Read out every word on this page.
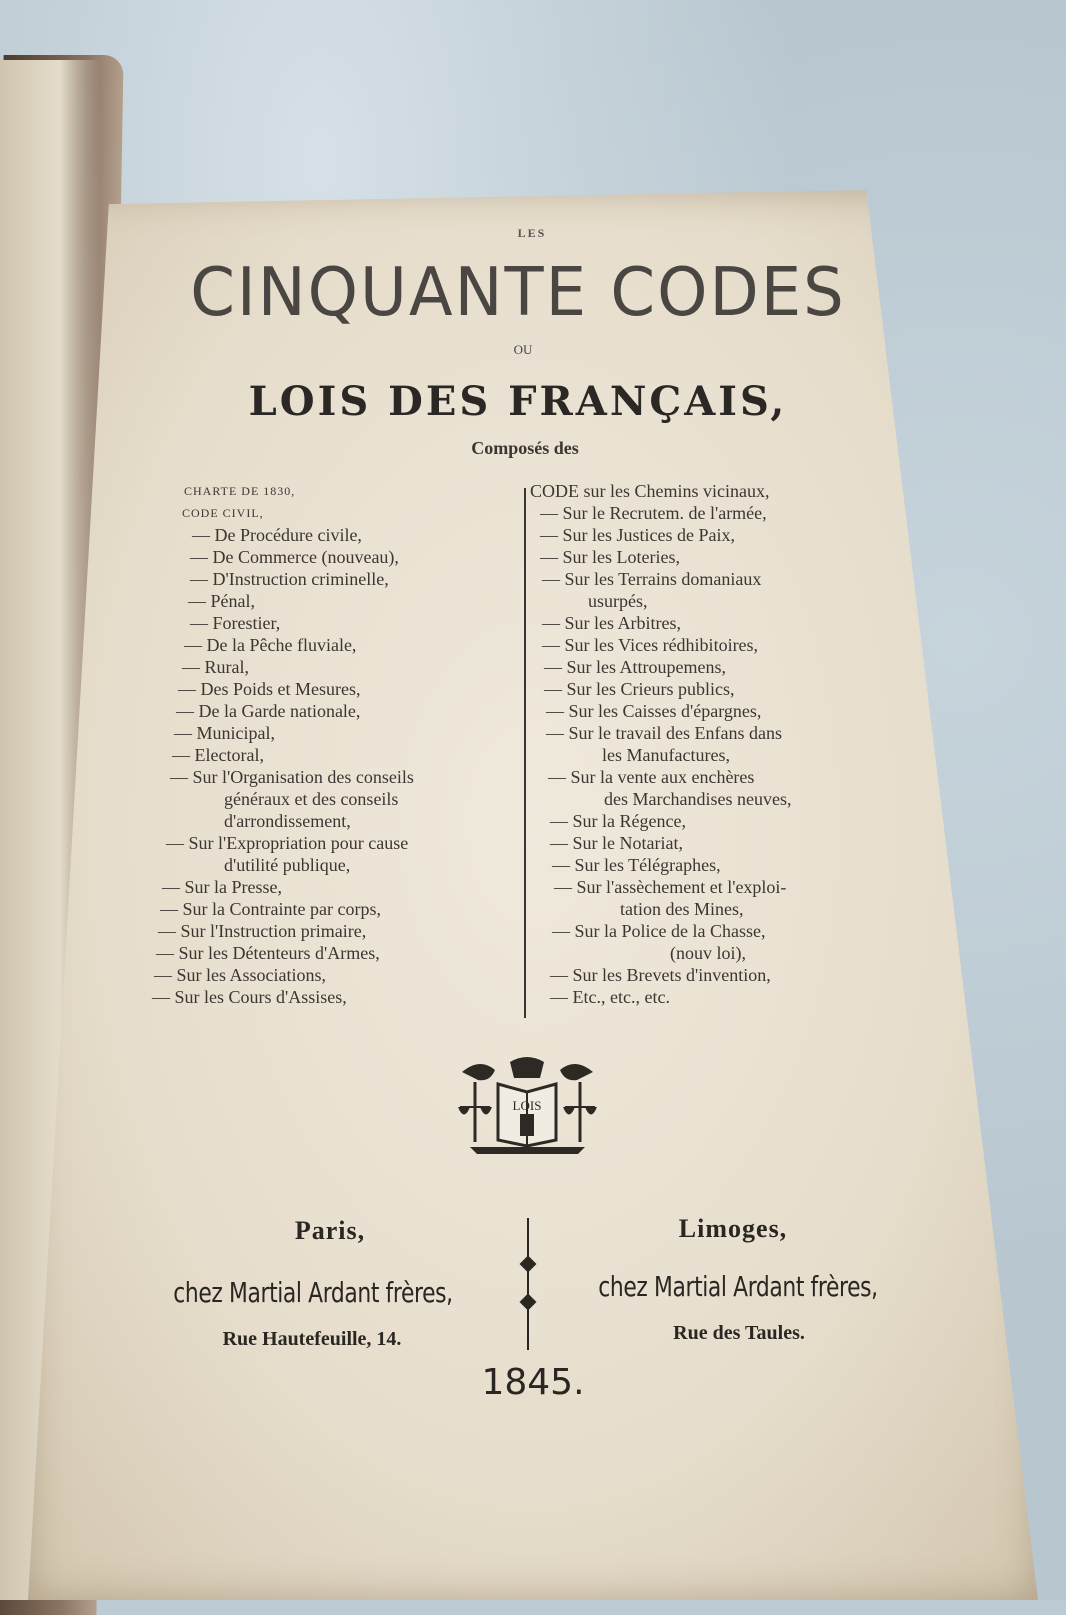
LES
CINQUANTE CODES
OU
LOIS DES FRANÇAIS,
Composés des
CHARTE DE 1830,
CODE CIVIL,
— De Procédure civile,
— De Commerce (nouveau),
— D'Instruction criminelle,
— Pénal,
— Forestier,
— De la Pêche fluviale,
— Rural,
— Des Poids et Mesures,
— De la Garde nationale,
— Municipal,
— Electoral,
— Sur l'Organisation des conseils
généraux et des conseils
d'arrondissement,
— Sur l'Expropriation pour cause
d'utilité publique,
— Sur la Presse,
— Sur la Contrainte par corps,
— Sur l'Instruction primaire,
— Sur les Détenteurs d'Armes,
— Sur les Associations,
— Sur les Cours d'Assises,
CODE sur les Chemins vicinaux,
— Sur le Recrutem. de l'armée,
— Sur les Justices de Paix,
— Sur les Loteries,
— Sur les Terrains domaniaux
usurpés,
— Sur les Arbitres,
— Sur les Vices rédhibitoires,
— Sur les Attroupemens,
— Sur les Crieurs publics,
— Sur les Caisses d'épargnes,
— Sur le travail des Enfans dans
les Manufactures,
— Sur la vente aux enchères
des Marchandises neuves,
— Sur la Régence,
— Sur le Notariat,
— Sur les Télégraphes,
— Sur l'assèchement et l'exploi-
tation des Mines,
— Sur la Police de la Chasse,
(nouv loi),
— Sur les Brevets d'invention,
— Etc., etc., etc.
LOIS
Paris,
chez Martial Ardant frères,
Rue Hautefeuille, 14.
Limoges,
chez Martial Ardant frères,
Rue des Taules.
1845.
